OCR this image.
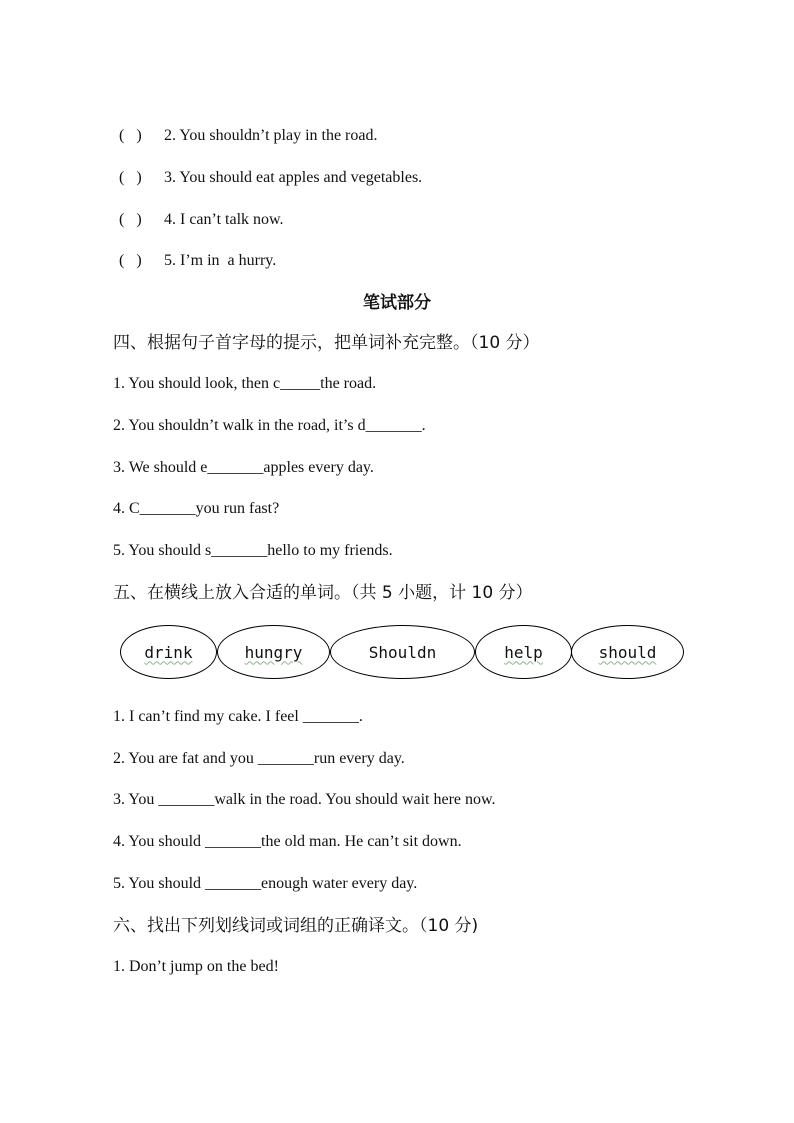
(   ) 2. You shouldn’t play in the road.
(   ) 3. You should eat apples and vegetables.
(   ) 4. I can’t talk now.
(   ) 5. I’m in  a hurry.
笔试部分
四、根据句子首字母的提示，把单词补充完整。（10 分）
1. You should look, then c_____the road.
2. You shouldn’t walk in the road, it’s d_______.
3. We should e_______apples every day.
4. C_______you run fast?
5. You should s_______hello to my friends.
五、在横线上放入合适的单词。（共 5 小题，计 10 分）
drink	hungry	Shouldn	help	should
1. I can’t find my cake. I feel _______.
2. You are fat and you _______run every day.
3. You _______walk in the road. You should wait here now.
4. You should _______the old man. He can’t sit down.
5. You should _______enough water every day.
六、找出下列划线词或词组的正确译文。（10 分)
1. Don’t jump on the bed!
